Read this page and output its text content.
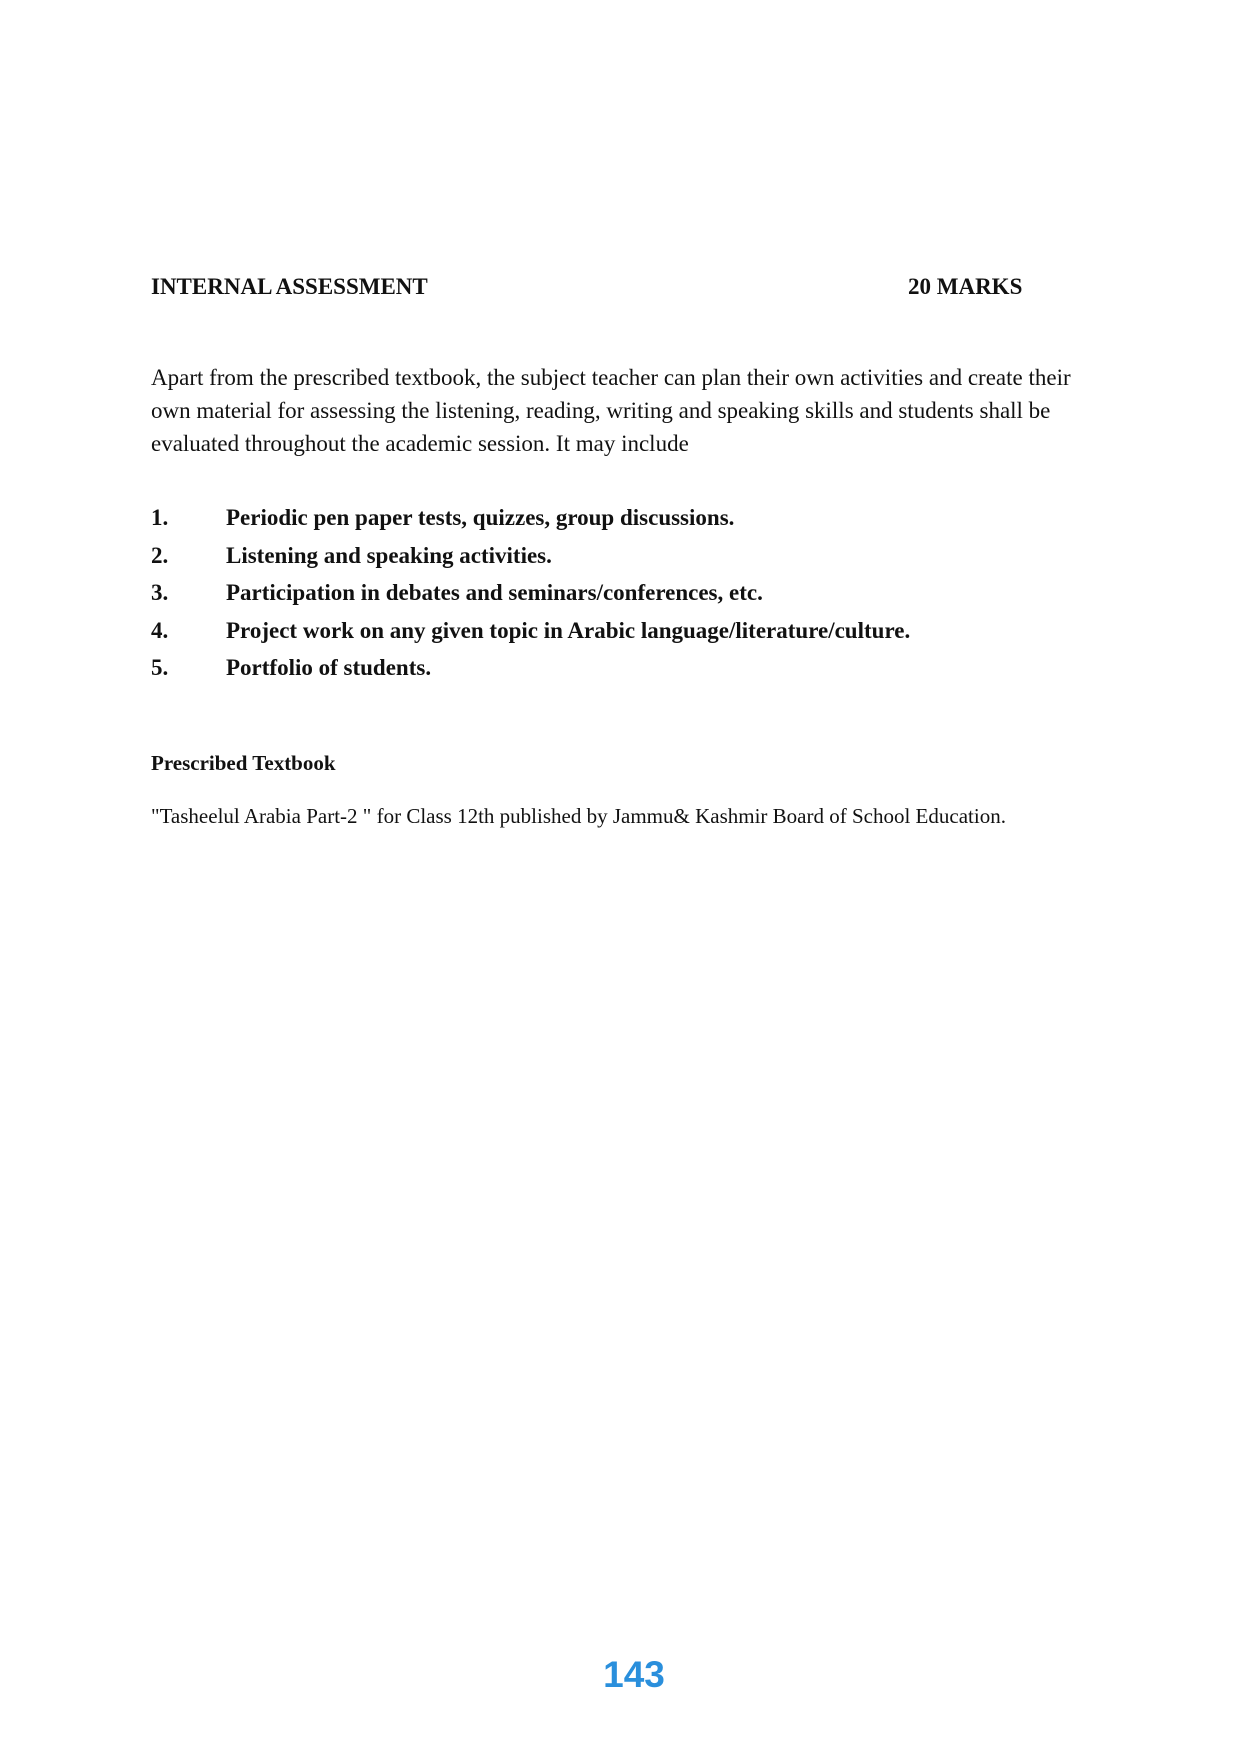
INTERNAL ASSESSMENT	20 MARKS
Apart from the prescribed textbook, the subject teacher can plan their own activities and create their own material for assessing the listening, reading, writing and speaking skills and students shall be evaluated throughout the academic session. It may include
1.	Periodic pen paper tests, quizzes, group discussions.
2.	Listening and speaking activities.
3.	Participation in debates and seminars/conferences, etc.
4.	Project work on any given topic in Arabic language/literature/culture.
5.	Portfolio of students.
Prescribed Textbook
"Tasheelul Arabia Part-2 " for Class 12th published by Jammu& Kashmir Board of School Education.
143
